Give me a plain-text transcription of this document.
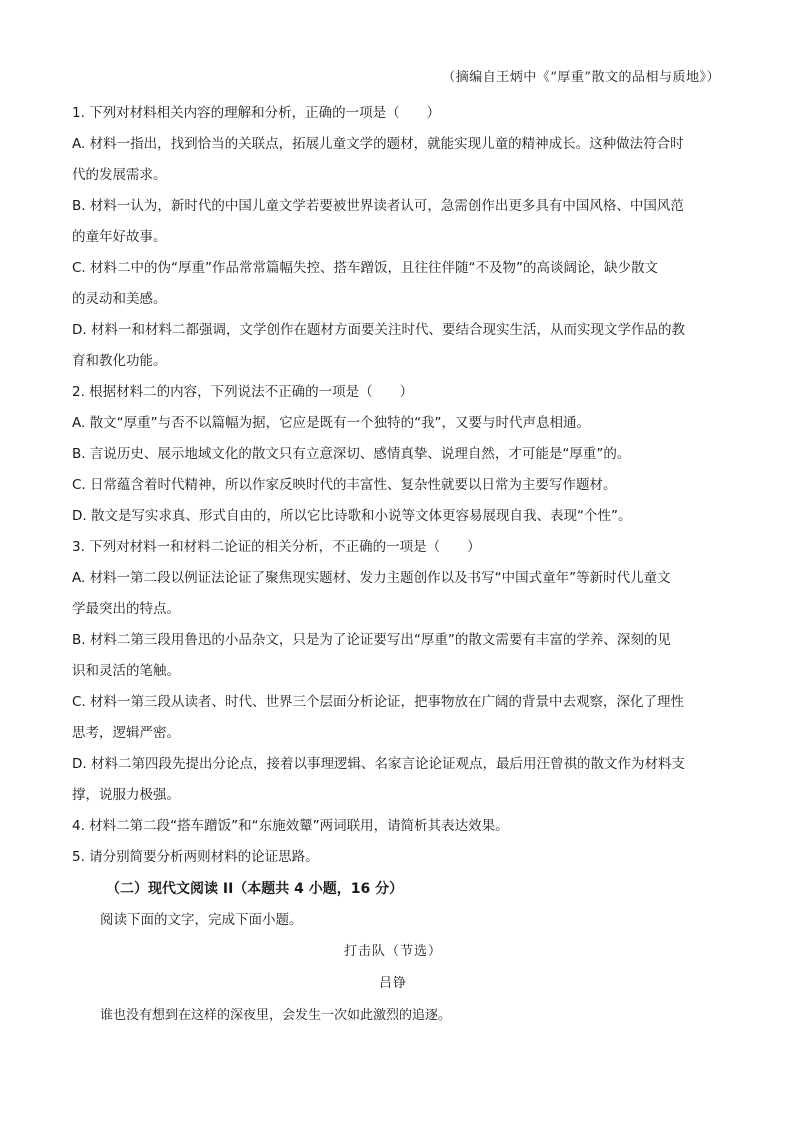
（摘编自王炳中《“厚重”散文的品相与质地》）
1. 下列对材料相关内容的理解和分析，正确的一项是（　　）
A. 材料一指出，找到恰当的关联点，拓展儿童文学的题材，就能实现儿童的精神成长。这种做法符合时
代的发展需求。
B. 材料一认为，新时代的中国儿童文学若要被世界读者认可，急需创作出更多具有中国风格、中国风范
的童年好故事。
C. 材料二中的伪“厚重”作品常常篇幅失控、搭车蹭饭，且往往伴随“不及物”的高谈阔论，缺少散文
的灵动和美感。
D. 材料一和材料二都强调，文学创作在题材方面要关注时代、要结合现实生活，从而实现文学作品的教
育和教化功能。
2. 根据材料二的内容，下列说法不正确的一项是（　　）
A. 散文“厚重”与否不以篇幅为据，它应是既有一个独特的“我”，又要与时代声息相通。
B. 言说历史、展示地域文化的散文只有立意深切、感情真挚、说理自然，才可能是“厚重”的。
C. 日常蕴含着时代精神，所以作家反映时代的丰富性、复杂性就要以日常为主要写作题材。
D. 散文是写实求真、形式自由的，所以它比诗歌和小说等文体更容易展现自我、表现“个性”。
3. 下列对材料一和材料二论证的相关分析，不正确的一项是（　　）
A. 材料一第二段以例证法论证了聚焦现实题材、发力主题创作以及书写“中国式童年”等新时代儿童文
学最突出的特点。
B. 材料二第三段用鲁迅的小品杂文，只是为了论证要写出“厚重”的散文需要有丰富的学养、深刻的见
识和灵活的笔触。
C. 材料一第三段从读者、时代、世界三个层面分析论证，把事物放在广阔的背景中去观察，深化了理性
思考，逻辑严密。
D. 材料二第四段先提出分论点，接着以事理逻辑、名家言论论证观点，最后用汪曾祺的散文作为材料支
撑，说服力极强。
4. 材料二第二段“搭车蹭饭”和“东施效颦”两词联用，请简析其表达效果。
5. 请分别简要分析两则材料的论证思路。
（二）现代文阅读 II（本题共 4 小题，16 分）
阅读下面的文字，完成下面小题。
打击队（节选）
吕铮
谁也没有想到在这样的深夜里，会发生一次如此激烈的追逐。
